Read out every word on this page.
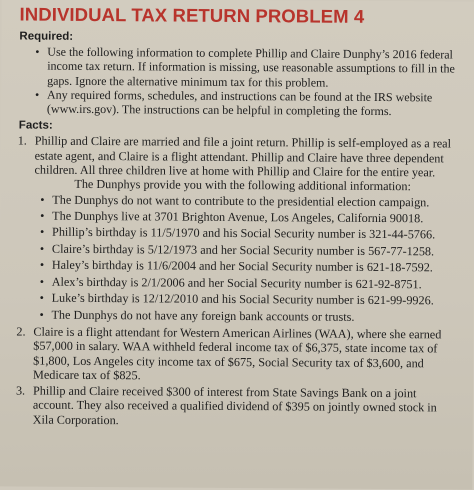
INDIVIDUAL TAX RETURN PROBLEM 4
Required:
• Use the following information to complete Phillip and Claire Dunphy’s 2016 federal income tax return. If information is missing, use reasonable assumptions to fill in the gaps. Ignore the alternative minimum tax for this problem.
• Any required forms, schedules, and instructions can be found at the IRS website (www.irs.gov). The instructions can be helpful in completing the forms.
Facts:
1. Phillip and Claire are married and file a joint return. Phillip is self-employed as a real estate agent, and Claire is a flight attendant. Phillip and Claire have three dependent children. All three children live at home with Phillip and Claire for the entire year.
The Dunphys provide you with the following additional information:
• The Dunphys do not want to contribute to the presidential election campaign.
• The Dunphys live at 3701 Brighton Avenue, Los Angeles, California 90018.
• Phillip’s birthday is 11/5/1970 and his Social Security number is 321-44-5766.
• Claire’s birthday is 5/12/1973 and her Social Security number is 567-77-1258.
• Haley’s birthday is 11/6/2004 and her Social Security number is 621-18-7592.
• Alex’s birthday is 2/1/2006 and her Social Security number is 621-92-8751.
• Luke’s birthday is 12/12/2010 and his Social Security number is 621-99-9926.
• The Dunphys do not have any foreign bank accounts or trusts.
2. Claire is a flight attendant for Western American Airlines (WAA), where she earned $57,000 in salary. WAA withheld federal income tax of $6,375, state income tax of $1,800, Los Angeles city income tax of $675, Social Security tax of $3,600, and Medicare tax of $825.
3. Phillip and Claire received $300 of interest from State Savings Bank on a joint account. They also received a qualified dividend of $395 on jointly owned stock in Xila Corporation.
